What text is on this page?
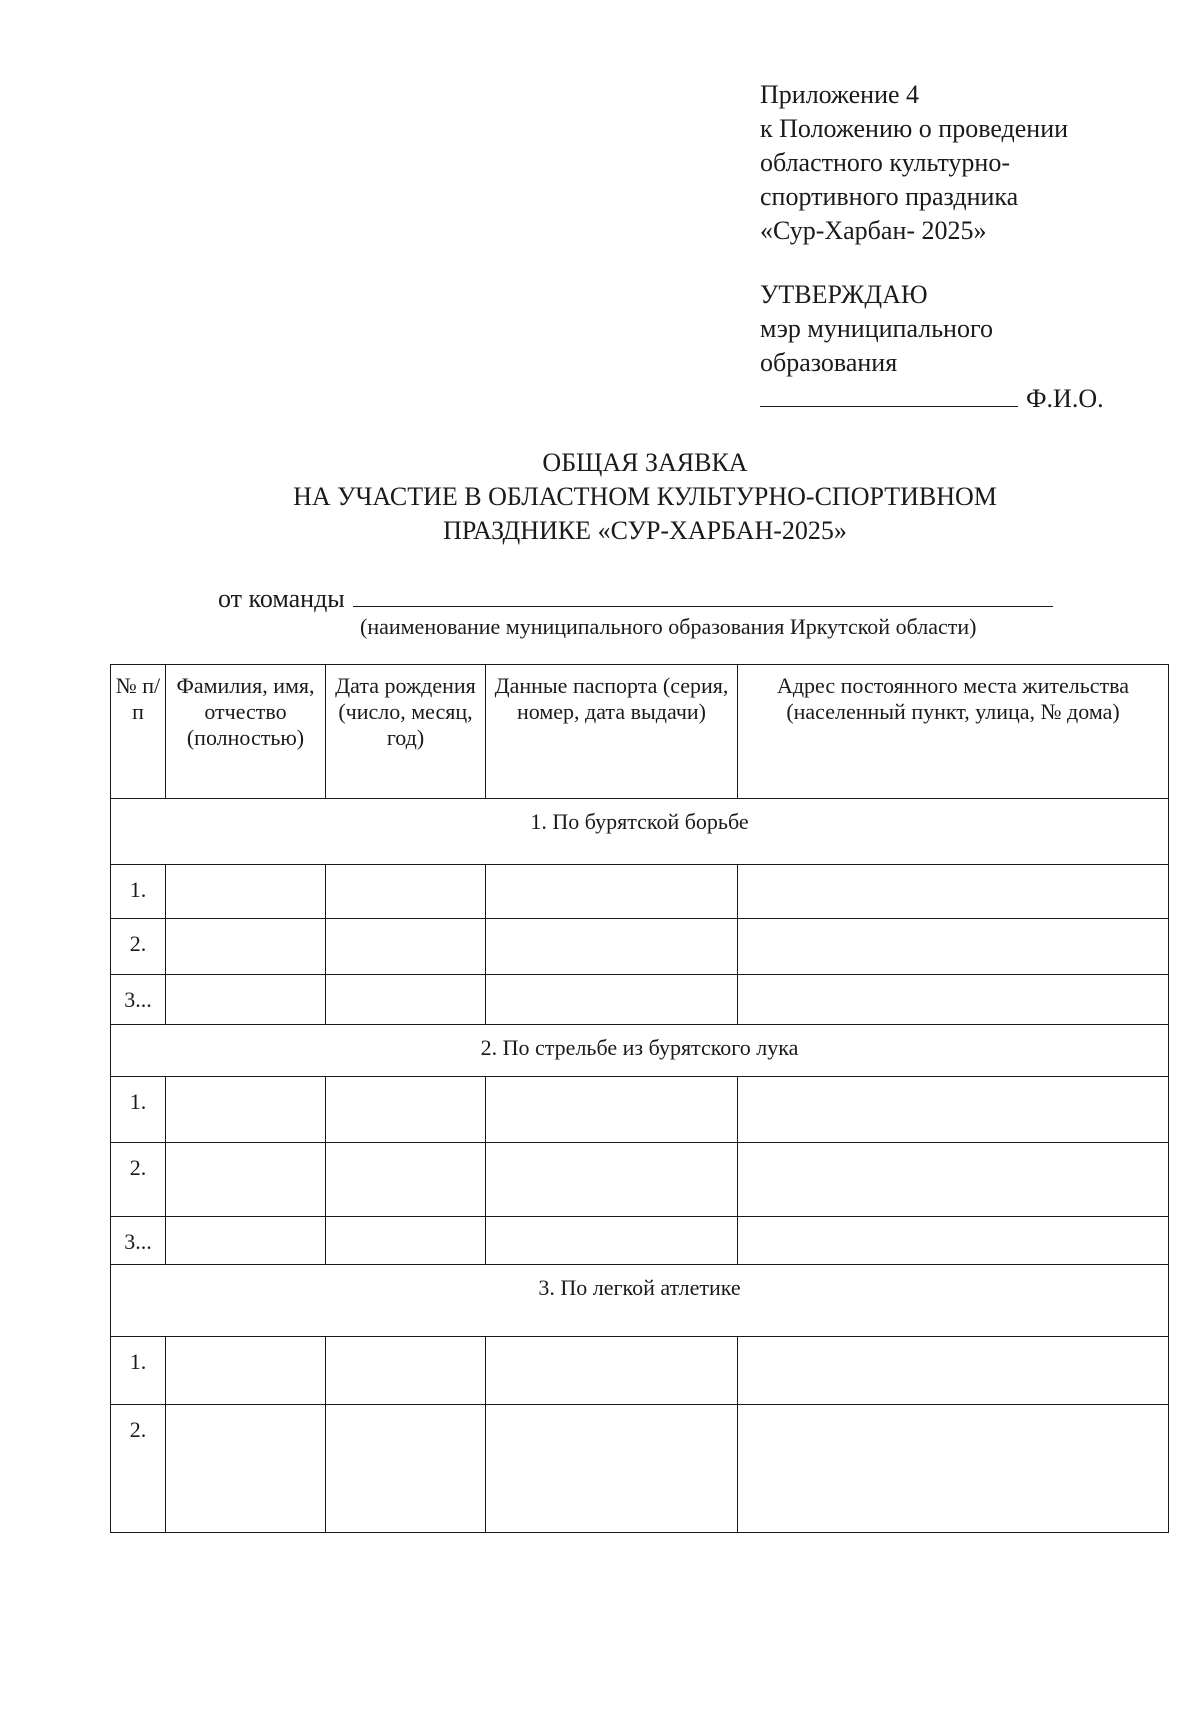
Приложение 4
к Положению о проведении
областного культурно-
спортивного праздника
«Сур-Харбан- 2025»
УТВЕРЖДАЮ
мэр муниципального
образования
Ф.И.О.
ОБЩАЯ ЗАЯВКА
НА УЧАСТИЕ В ОБЛАСТНОМ КУЛЬТУРНО-СПОРТИВНОМ
ПРАЗДНИКЕ «СУР-ХАРБАН-2025»
от команды
(наименование муниципального образования Иркутской области)
№ п/п	Фамилия, имя, отчество (полностью)	Дата рождения (число, месяц, год)	Данные паспорта (серия, номер, дата выдачи)	Адрес постоянного места жительства (населенный пункт, улица, № дома)
1. По бурятской борьбе				
1.				
2.				
3...				
2. По стрельбе из бурятского лука				
1.				
2.				
3...				
3. По легкой атлетике				
1.				
2.				
